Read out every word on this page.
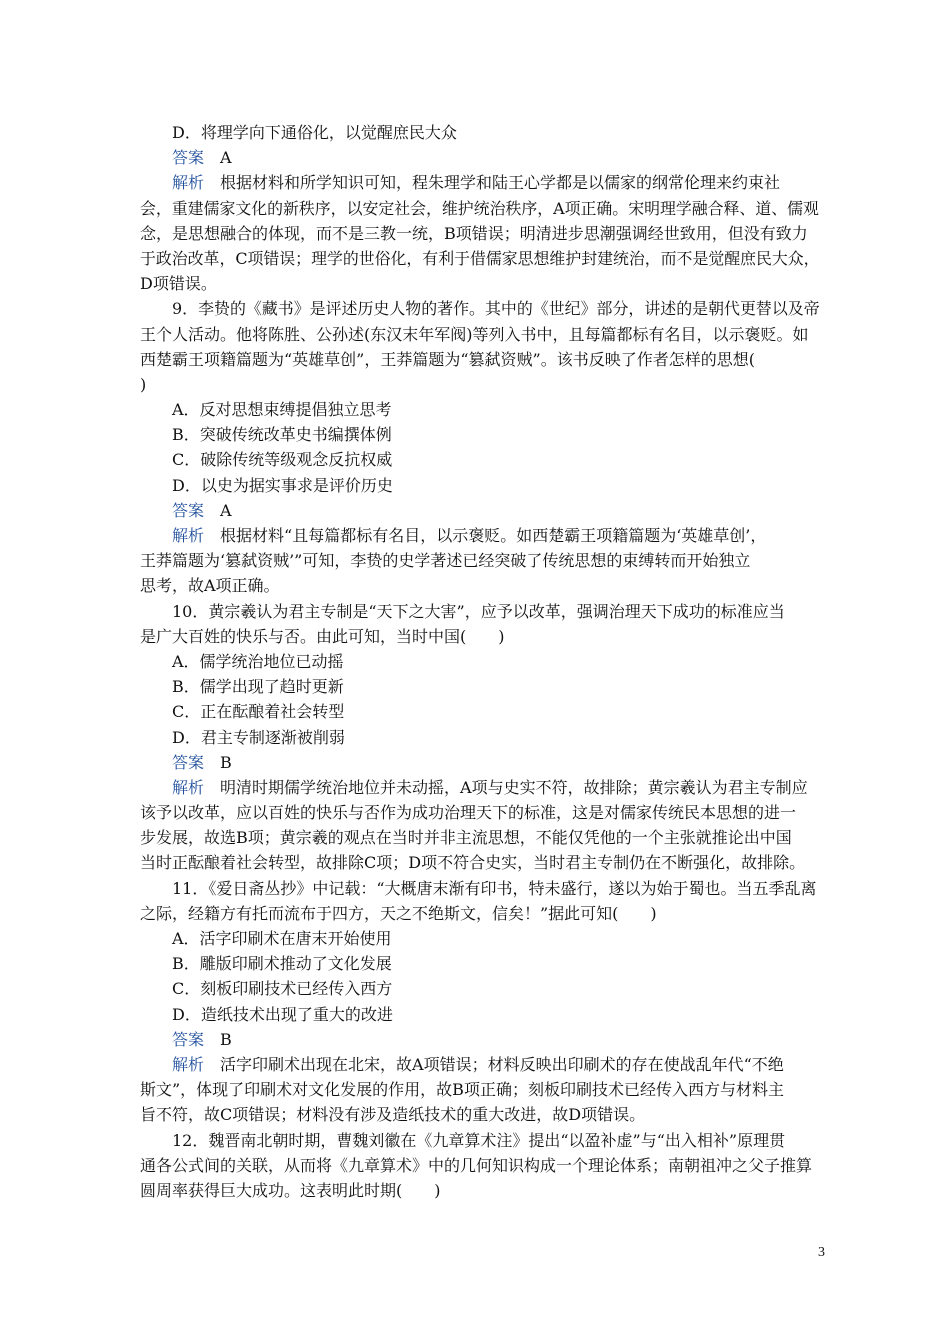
D．将理学向下通俗化，以觉醒庶民大众
答案 A
解析 根据材料和所学知识可知，程朱理学和陆王心学都是以儒家的纲常伦理来约束社
会，重建儒家文化的新秩序，以安定社会，维护统治秩序，A项正确。宋明理学融合释、道、儒观
念，是思想融合的体现，而不是三教一统，B项错误；明清进步思潮强调经世致用，但没有致力
于政治改革，C项错误；理学的世俗化，有利于借儒家思想维护封建统治，而不是觉醒庶民大众，
D项错误。
9．李贽的《藏书》是评述历史人物的著作。其中的《世纪》部分，讲述的是朝代更替以及帝
王个人活动。他将陈胜、公孙述(东汉末年军阀)等列入书中，且每篇都标有名目，以示褒贬。如
西楚霸王项籍篇题为“英雄草创”，王莽篇题为“篡弑资贼”。该书反映了作者怎样的思想(
)
A．反对思想束缚提倡独立思考
B．突破传统改革史书编撰体例
C．破除传统等级观念反抗权威
D．以史为据实事求是评价历史
答案 A
解析 根据材料“且每篇都标有名目，以示褒贬。如西楚霸王项籍篇题为‘英雄草创’，
王莽篇题为‘篡弑资贼’”可知，李贽的史学著述已经突破了传统思想的束缚转而开始独立
思考，故A项正确。
10．黄宗羲认为君主专制是“天下之大害”，应予以改革，强调治理天下成功的标准应当
是广大百姓的快乐与否。由此可知，当时中国(　　)
A．儒学统治地位已动摇
B．儒学出现了趋时更新
C．正在酝酿着社会转型
D．君主专制逐渐被削弱
答案 B
解析 明清时期儒学统治地位并未动摇，A项与史实不符，故排除；黄宗羲认为君主专制应
该予以改革，应以百姓的快乐与否作为成功治理天下的标准，这是对儒家传统民本思想的进一
步发展，故选B项；黄宗羲的观点在当时并非主流思想，不能仅凭他的一个主张就推论出中国
当时正酝酿着社会转型，故排除C项；D项不符合史实，当时君主专制仍在不断强化，故排除。
11．《爱日斋丛抄》中记载：“大概唐末渐有印书，特未盛行，遂以为始于蜀也。当五季乱离
之际，经籍方有托而流布于四方，天之不绝斯文，信矣！”据此可知(　　)
A．活字印刷术在唐末开始使用
B．雕版印刷术推动了文化发展
C．刻板印刷技术已经传入西方
D．造纸技术出现了重大的改进
答案 B
解析 活字印刷术出现在北宋，故A项错误；材料反映出印刷术的存在使战乱年代“不绝
斯文”，体现了印刷术对文化发展的作用，故B项正确；刻板印刷技术已经传入西方与材料主
旨不符，故C项错误；材料没有涉及造纸技术的重大改进，故D项错误。
12．魏晋南北朝时期，曹魏刘徽在《九章算术注》提出“以盈补虚”与“出入相补”原理贯
通各公式间的关联，从而将《九章算术》中的几何知识构成一个理论体系；南朝祖冲之父子推算
圆周率获得巨大成功。这表明此时期(　　)
3
